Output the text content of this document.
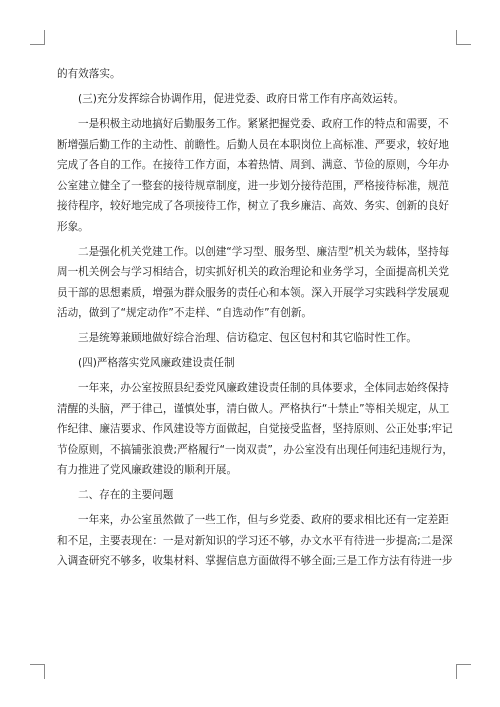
的有效落实。
(三)充分发挥综合协调作用，促进党委、政府日常工作有序高效运转。
一是积极主动地搞好后勤服务工作。紧紧把握党委、政府工作的特点和需要，不
断增强后勤工作的主动性、前瞻性。后勤人员在本职岗位上高标准、严要求，较好地
完成了各自的工作。在接待工作方面，本着热情、周到、满意、节俭的原则，今年办
公室建立健全了一整套的接待规章制度，进一步划分接待范围，严格接待标准，规范
接待程序，较好地完成了各项接待工作，树立了我乡廉洁、高效、务实、创新的良好
形象。
二是强化机关党建工作。以创建“学习型、服务型、廉洁型”机关为载体，坚持每
周一机关例会与学习相结合，切实抓好机关的政治理论和业务学习，全面提高机关党
员干部的思想素质，增强为群众服务的责任心和本领。深入开展学习实践科学发展观
活动，做到了“规定动作”不走样、“自选动作”有创新。
三是统筹兼顾地做好综合治理、信访稳定、包区包村和其它临时性工作。
(四)严格落实党风廉政建设责任制
一年来，办公室按照县纪委党风廉政建设责任制的具体要求，全体同志始终保持
清醒的头脑，严于律己，谨慎处事，清白做人。严格执行“十禁止”等相关规定，从工
作纪律、廉洁要求、作风建设等方面做起，自觉接受监督，坚持原则、公正处事;牢记
节俭原则，不搞铺张浪费;严格履行“一岗双责”，办公室没有出现任何违纪违规行为，
有力推进了党风廉政建设的顺利开展。
二、存在的主要问题
一年来，办公室虽然做了一些工作，但与乡党委、政府的要求相比还有一定差距
和不足，主要表现在：一是对新知识的学习还不够，办文水平有待进一步提高;二是深
入调查研究不够多，收集材料、掌握信息方面做得不够全面;三是工作方法有待进一步
